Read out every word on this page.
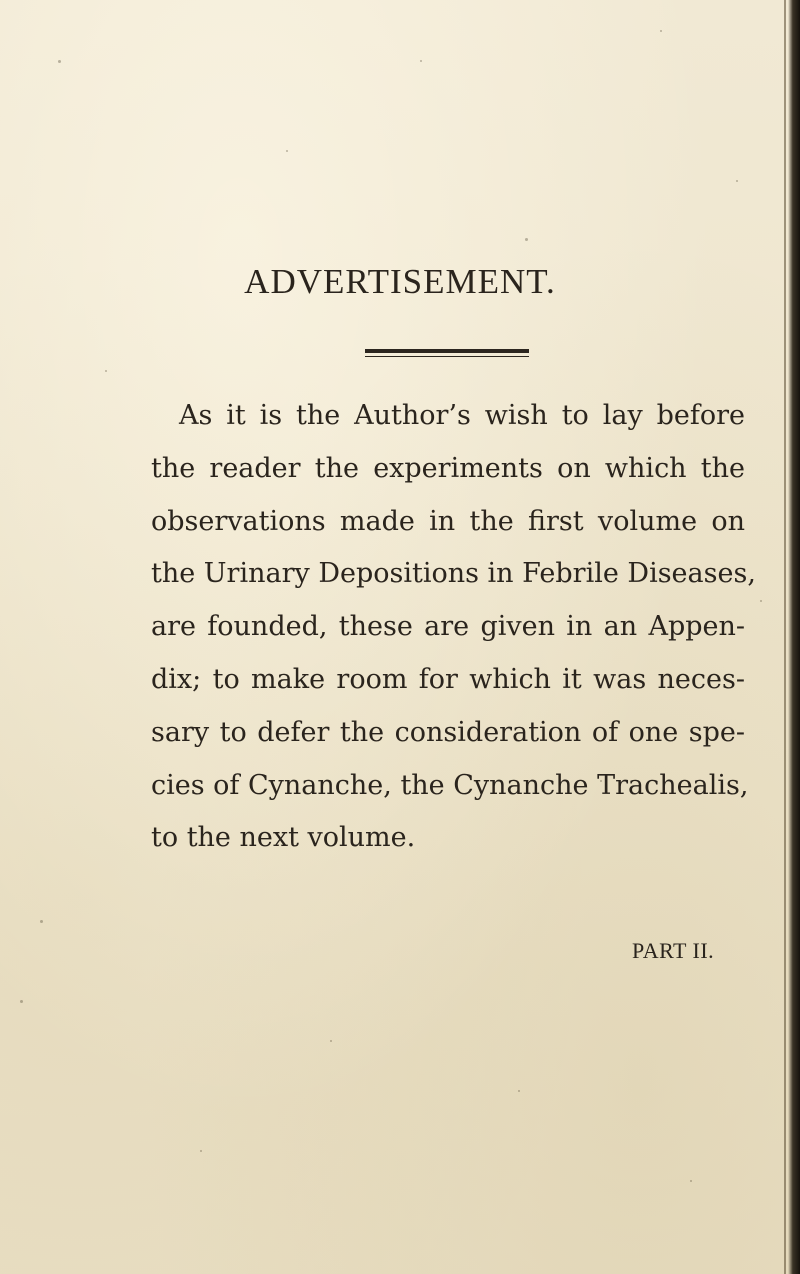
ADVERTISEMENT.
As it is the Author’s wish to lay before
the reader the experiments on which the
observations made in the first volume on
the Urinary Depositions in Febrile Diseases,
are founded, these are given in an Appen-
dix; to make room for which it was neces-
sary to defer the consideration of one spe-
cies of Cynanche, the Cynanche Trachealis,
to the next volume.
PART II.
